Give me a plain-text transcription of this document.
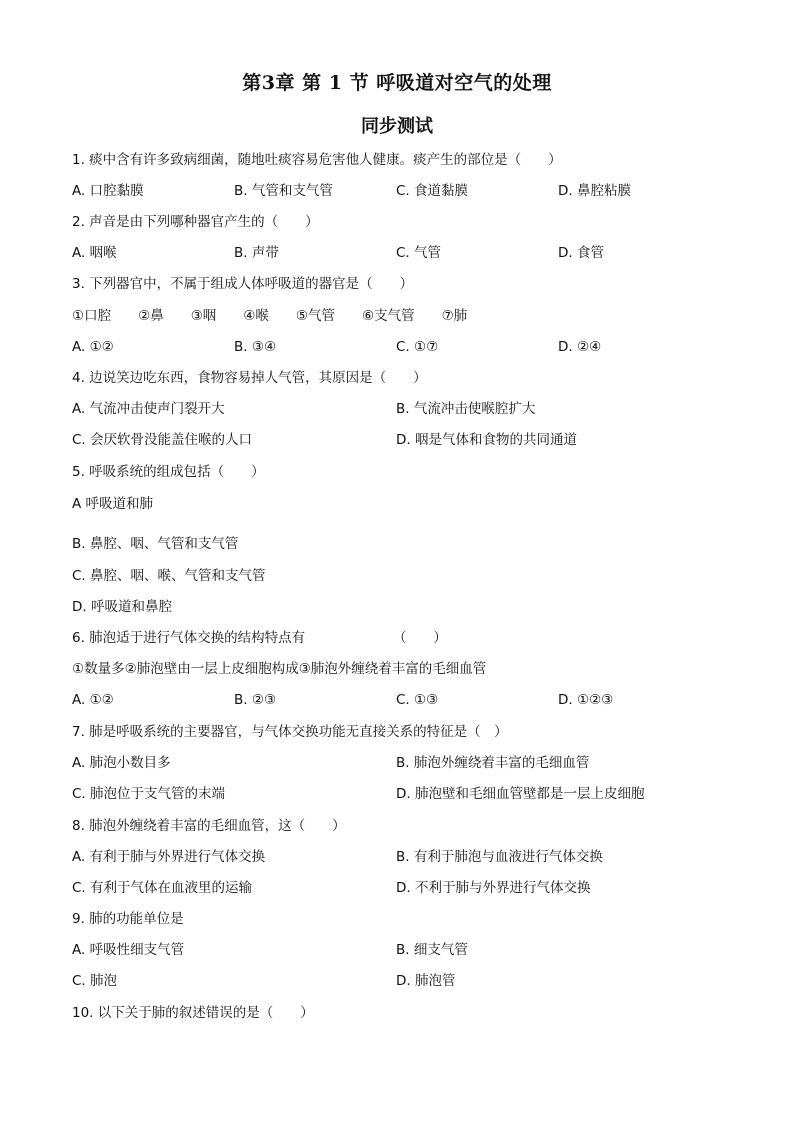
第3章 第 1 节 呼吸道对空气的处理
同步测试
1. 痰中含有许多致病细菌，随地吐痰容易危害他人健康。痰产生的部位是（　　）
A. 口腔黏膜	B. 气管和支气管	C. 食道黏膜	D. 鼻腔粘膜
2. 声音是由下列哪种器官产生的（　　）
A. 咽喉	B. 声带	C. 气管	D. 食管
3. 下列器官中，不属于组成人体呼吸道的器官是（　　）
①口腔　　②鼻　　③咽　　④喉　　⑤气管　　⑥支气管　　⑦肺
A. ①②	B. ③④	C. ①⑦	D. ②④
4. 边说笑边吃东西，食物容易掉人气管，其原因是（　　）
A. 气流冲击使声门裂开大	B. 气流冲击使喉腔扩大
C. 会厌软骨没能盖住喉的人口	D. 咽是气体和食物的共同通道
5. 呼吸系统的组成包括（　　）
A 呼吸道和肺
B. 鼻腔、咽、气管和支气管
C. 鼻腔、咽、喉、气管和支气管
D. 呼吸道和鼻腔
6. 肺泡适于进行气体交换的结构特点有　　　　　　　（　　）
①数量多②肺泡壁由一层上皮细胞构成③肺泡外缠绕着丰富的毛细血管
A. ①②	B. ②③	C. ①③	D. ①②③
7. 肺是呼吸系统的主要器官，与气体交换功能无直接关系的特征是（　）
A. 肺泡小数目多	B. 肺泡外缠绕着丰富的毛细血管
C. 肺泡位于支气管的末端	D. 肺泡壁和毛细血管壁都是一层上皮细胞
8. 肺泡外缠绕着丰富的毛细血管，这（　　）
A. 有利于肺与外界进行气体交换	B. 有利于肺泡与血液进行气体交换
C. 有利于气体在血液里的运输	D. 不利于肺与外界进行气体交换
9. 肺的功能单位是
A. 呼吸性细支气管	B. 细支气管
C. 肺泡	D. 肺泡管
10. 以下关于肺的叙述错误的是（　　）
